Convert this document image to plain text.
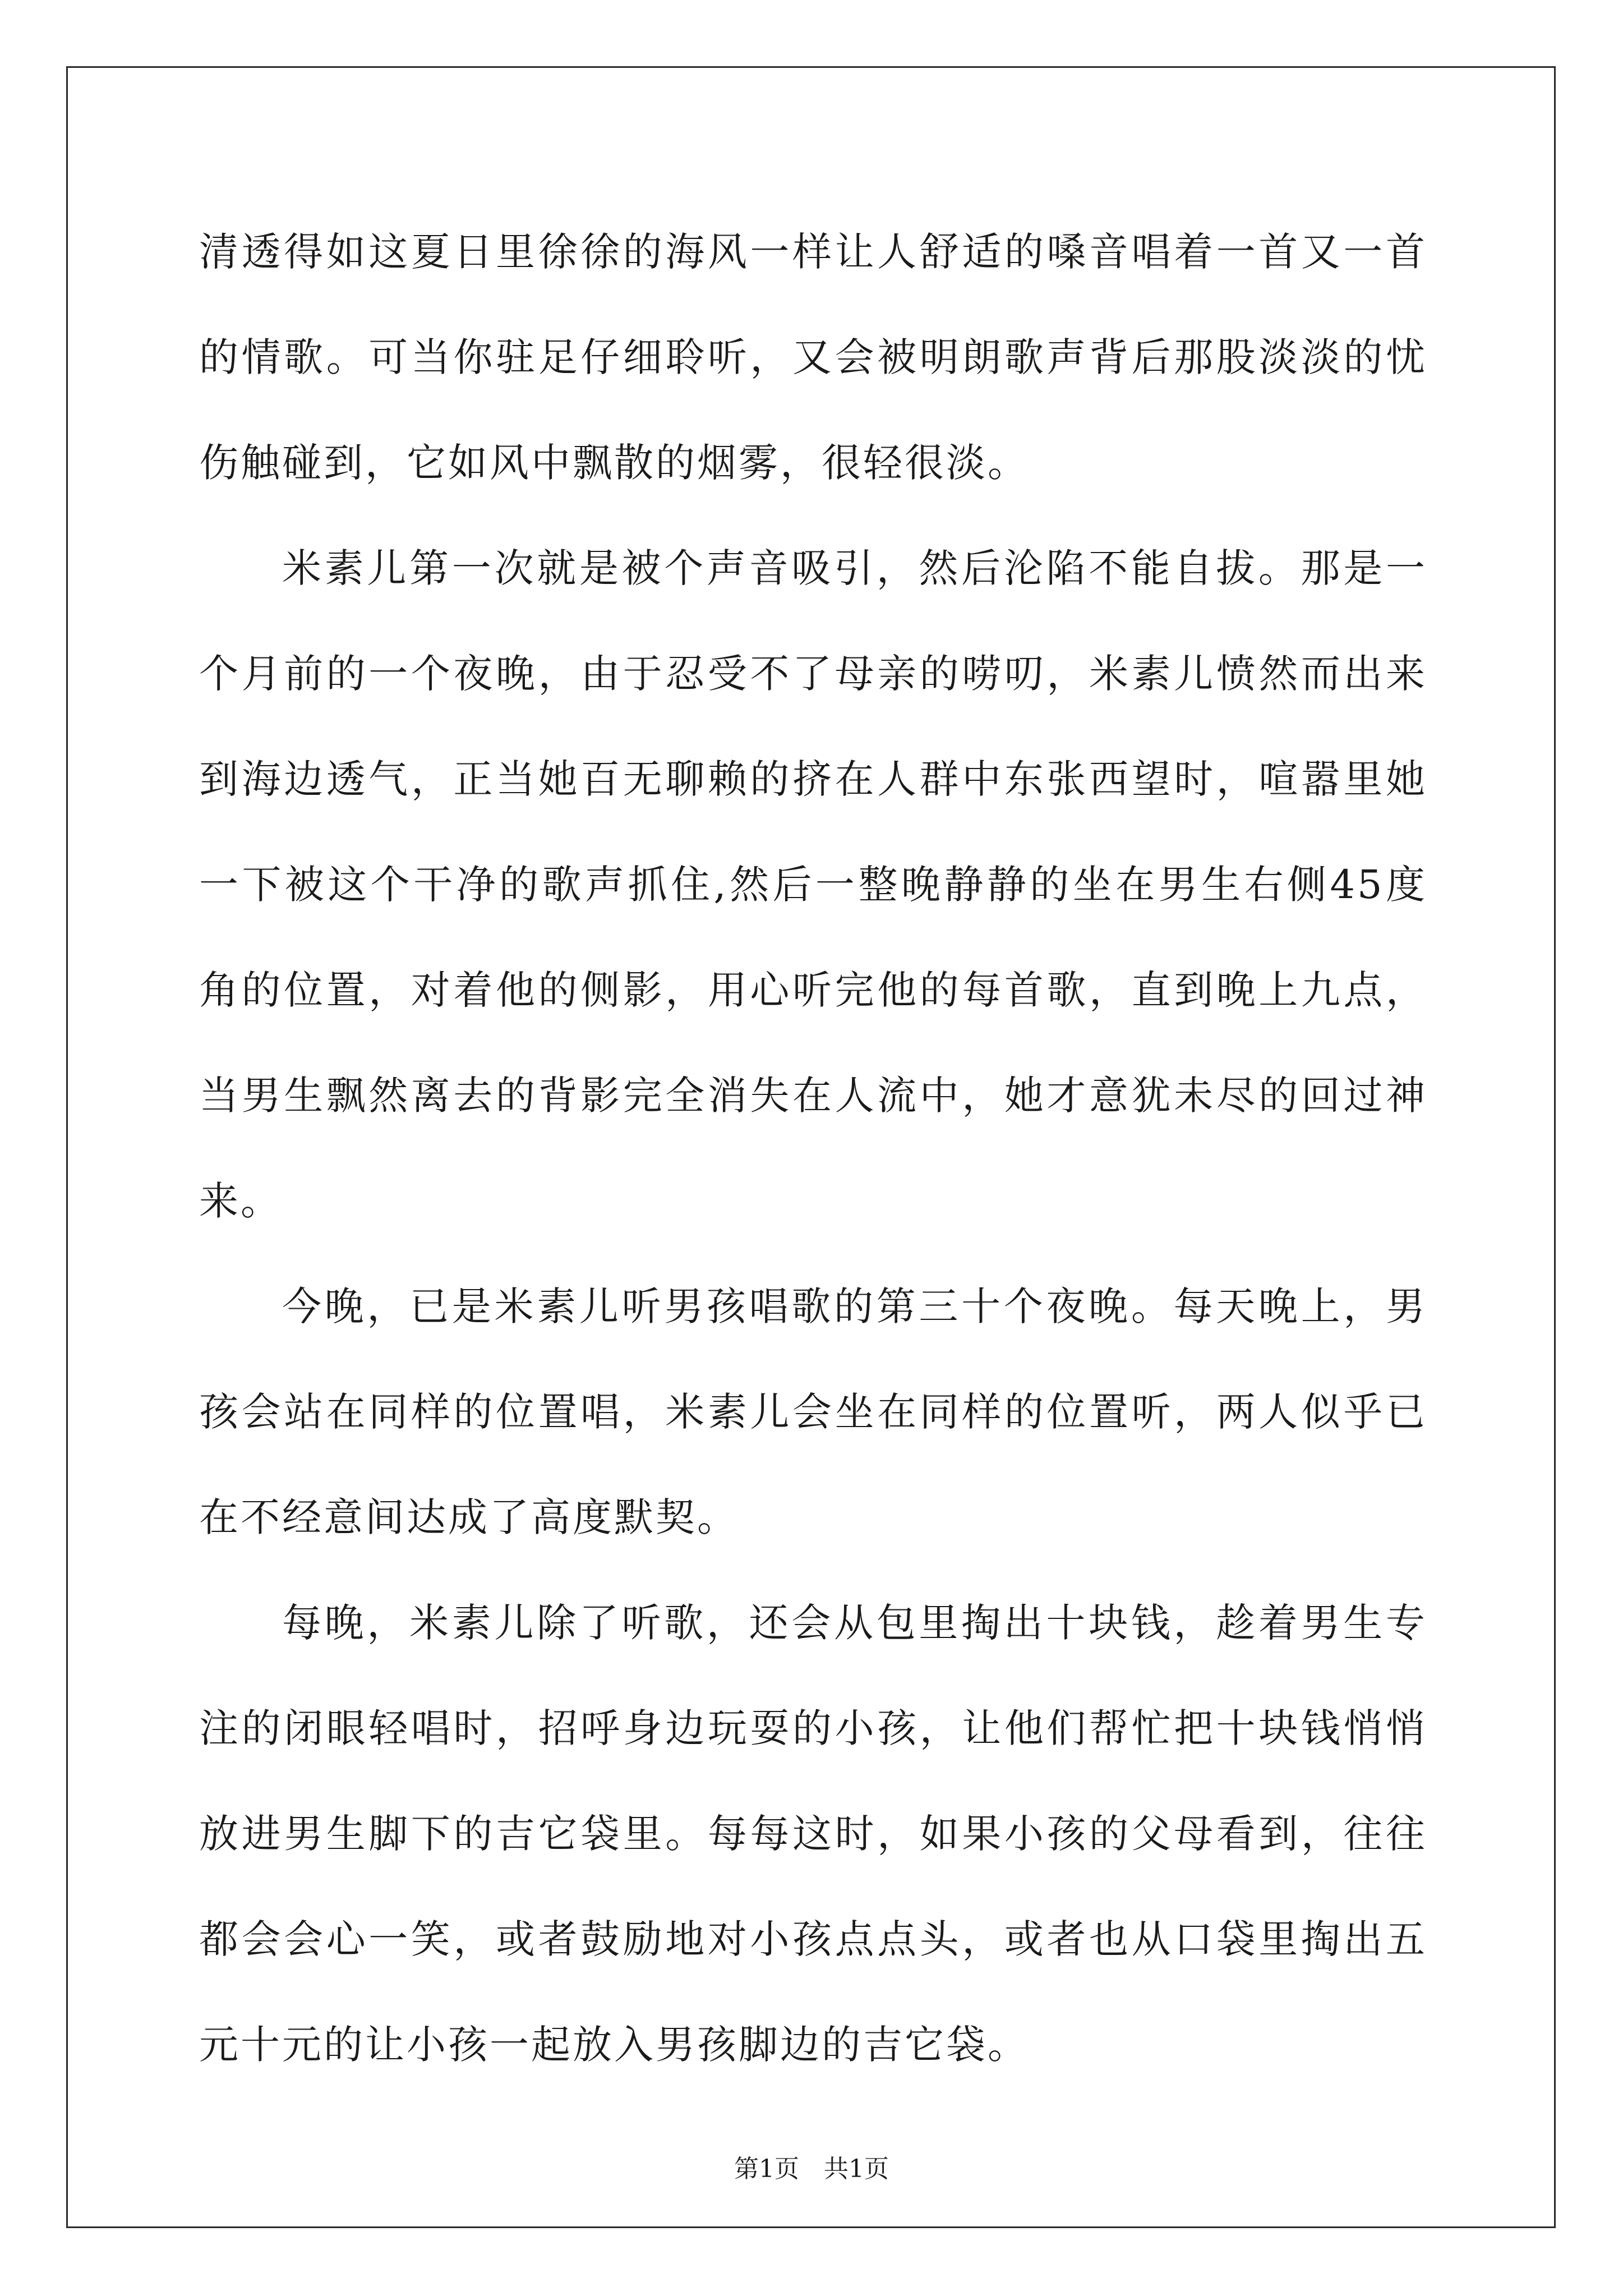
清透得如这夏日里徐徐的海风一样让人舒适的嗓音唱着一首又一首的情歌。可当你驻足仔细聆听，又会被明朗歌声背后那股淡淡的忧伤触碰到，它如风中飘散的烟雾，很轻很淡。

米素儿第一次就是被个声音吸引，然后沦陷不能自拔。那是一个月前的一个夜晚，由于忍受不了母亲的唠叨，米素儿愤然而出来到海边透气，正当她百无聊赖的挤在人群中东张西望时，喧嚣里她一下被这个干净的歌声抓住,然后一整晚静静的坐在男生右侧45度角的位置，对着他的侧影，用心听完他的每首歌，直到晚上九点，当男生飘然离去的背影完全消失在人流中，她才意犹未尽的回过神来。

今晚，已是米素儿听男孩唱歌的第三十个夜晚。每天晚上，男孩会站在同样的位置唱，米素儿会坐在同样的位置听，两人似乎已在不经意间达成了高度默契。

每晚，米素儿除了听歌，还会从包里掏出十块钱，趁着男生专注的闭眼轻唱时，招呼身边玩耍的小孩，让他们帮忙把十块钱悄悄放进男生脚下的吉它袋里。每每这时，如果小孩的父母看到，往往都会会心一笑，或者鼓励地对小孩点点头，或者也从口袋里掏出五元十元的让小孩一起放入男孩脚边的吉它袋。

第1页　共1页
